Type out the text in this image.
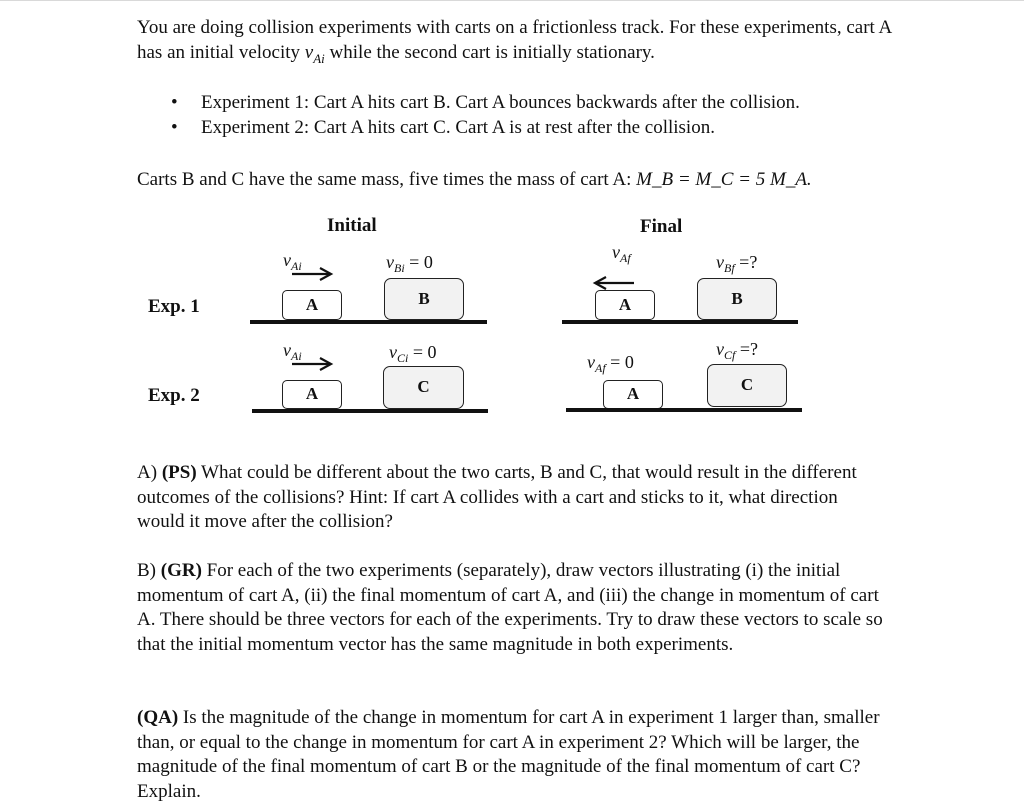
You are doing collision experiments with carts on a frictionless track. For these experiments, cart A has an initial velocity $v_{Ai}$ while the second cart is initially stationary.

• Experiment 1: Cart A hits cart B. Cart A bounces backwards after the collision.
• Experiment 2: Cart A hits cart C. Cart A is at rest after the collision.

Carts B and C have the same mass, five times the mass of cart A: M_B = M_C = 5 M_A.

Initial	Final
Exp. 1
Exp. 2
$v_{Ai}$	$v_{Bi} = 0$
A	B
$v_{Af}$	$v_{Bf}$ =?
A	B
$v_{Ai}$	$v_{Ci} = 0$
A	C
$v_{Af} = 0$
$v_{Cf}$ =?
A	C

A) (PS) What could be different about the two carts, B and C, that would result in the different outcomes of the collisions? Hint: If cart A collides with a cart and sticks to it, what direction would it move after the collision?

B) (GR) For each of the two experiments (separately), draw vectors illustrating (i) the initial momentum of cart A, (ii) the final momentum of cart A, and (iii) the change in momentum of cart A. There should be three vectors for each of the experiments. Try to draw these vectors to scale so that the initial momentum vector has the same magnitude in both experiments.

(QA) Is the magnitude of the change in momentum for cart A in experiment 1 larger than, smaller than, or equal to the change in momentum for cart A in experiment 2? Which will be larger, the magnitude of the final momentum of cart B or the magnitude of the final momentum of cart C? Explain.
